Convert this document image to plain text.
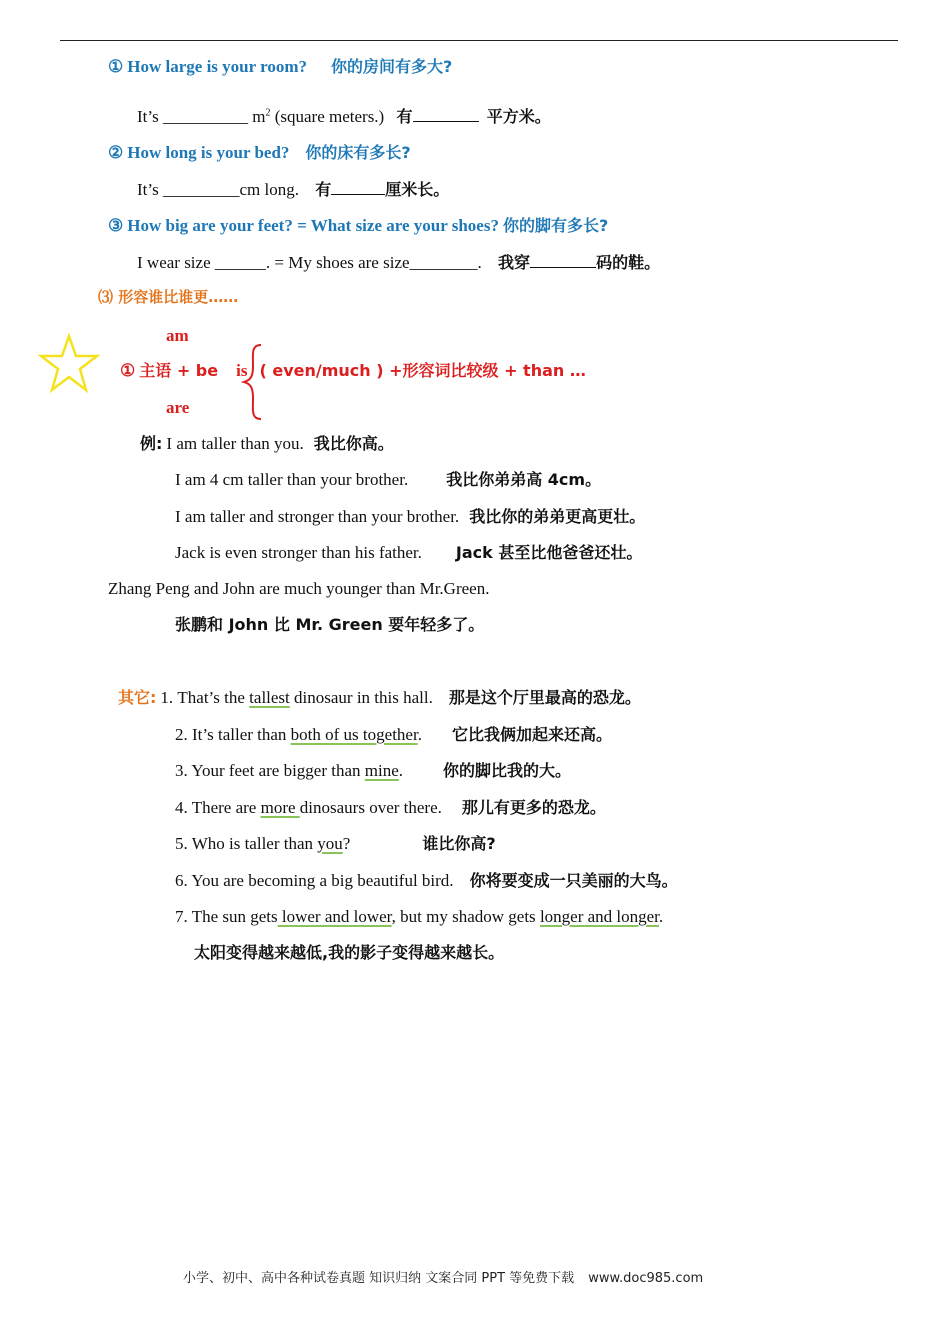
① How large is your room? 你的房间有多大?
It’s __________ $m^2$ (square meters.) 有	平方米。
② How long is your bed? 你的床有多长?
It’s _________cm long. 有	厘米长。
③ How big are your feet? = What size are your shoes? 你的脚有多长?
I wear size ______. = My shoes are size________. 我穿	码的鞋。
⑶ 形容谁比谁更……
am
are
① 主语 + be is ( even/much ) +形容词比较级 + than …
例: I am taller than you. 我比你高。
I am 4 cm taller than your brother. 我比你弟弟高 4cm。
I am taller and stronger than your brother. 我比你的弟弟更高更壮。
Jack is even stronger than his father. Jack 甚至比他爸爸还壮。
Zhang Peng and John are much younger than Mr.Green.
张鹏和 John 比 Mr. Green 要年轻多了。
其它: 1. That’s the tallest dinosaur in this hall. 那是这个厅里最高的恐龙。
2. It’s taller than both of us together. 它比我俩加起来还高。
3. Your feet are bigger than mine.	你的脚比我的大。
4. There are more dinosaurs over there. 那儿有更多的恐龙。
5. Who is taller than you?	谁比你高?
6. You are becoming a big beautiful bird. 你将要变成一只美丽的大鸟。
7. The sun gets lower and lower, but my shadow gets longer and longer.
太阳变得越来越低,我的影子变得越来越长。
小学、初中、高中各种试卷真题 知识归纳 文案合同 PPT 等免费下载 www.doc985.com
